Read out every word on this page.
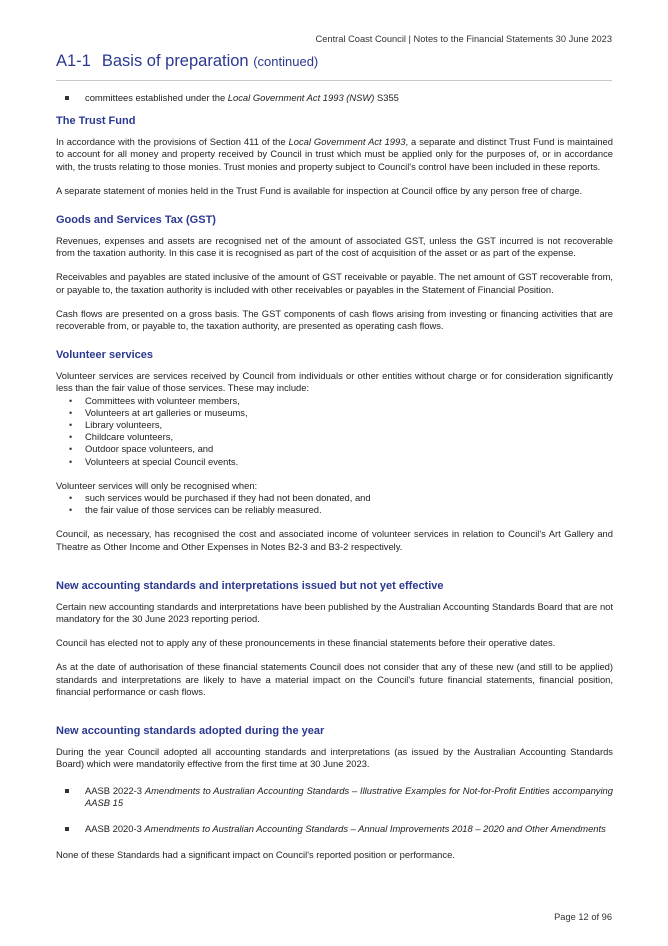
Central Coast Council | Notes to the Financial Statements 30 June 2023
A1-1 Basis of preparation (continued)
committees established under the Local Government Act 1993 (NSW) S355
The Trust Fund

In accordance with the provisions of Section 411 of the Local Government Act 1993, a separate and distinct Trust Fund is maintained to account for all money and property received by Council in trust which must be applied only for the purposes of, or in accordance with, the trusts relating to those monies. Trust monies and property subject to Council's control have been included in these reports.

A separate statement of monies held in the Trust Fund is available for inspection at Council office by any person free of charge.

Goods and Services Tax (GST)

Revenues, expenses and assets are recognised net of the amount of associated GST, unless the GST incurred is not recoverable from the taxation authority. In this case it is recognised as part of the cost of acquisition of the asset or as part of the expense.

Receivables and payables are stated inclusive of the amount of GST receivable or payable. The net amount of GST recoverable from, or payable to, the taxation authority is included with other receivables or payables in the Statement of Financial Position.

Cash flows are presented on a gross basis. The GST components of cash flows arising from investing or financing activities that are recoverable from, or payable to, the taxation authority, are presented as operating cash flows.

Volunteer services

Volunteer services are services received by Council from individuals or other entities without charge or for consideration significantly less than the fair value of those services. These may include:

• Committees with volunteer members,
• Volunteers at art galleries or museums,
• Library volunteers,
• Childcare volunteers,
• Outdoor space volunteers, and
• Volunteers at special Council events.

Volunteer services will only be recognised when:

• such services would be purchased if they had not been donated, and
• the fair value of those services can be reliably measured.

Council, as necessary, has recognised the cost and associated income of volunteer services in relation to Council's Art Gallery and Theatre as Other Income and Other Expenses in Notes B2-3 and B3-2 respectively.

New accounting standards and interpretations issued but not yet effective

Certain new accounting standards and interpretations have been published by the Australian Accounting Standards Board that are not mandatory for the 30 June 2023 reporting period.

Council has elected not to apply any of these pronouncements in these financial statements before their operative dates.

As at the date of authorisation of these financial statements Council does not consider that any of these new (and still to be applied) standards and interpretations are likely to have a material impact on the Council's future financial statements, financial position, financial performance or cash flows.

New accounting standards adopted during the year

During the year Council adopted all accounting standards and interpretations (as issued by the Australian Accounting Standards Board) which were mandatorily effective from the first time at 30 June 2023.

AASB 2022-3 Amendments to Australian Accounting Standards – Illustrative Examples for Not-for-Profit Entities accompanying AASB 15
AASB 2020-3 Amendments to Australian Accounting Standards – Annual Improvements 2018 – 2020 and Other Amendments

None of these Standards had a significant impact on Council's reported position or performance.

Page 12 of 96
